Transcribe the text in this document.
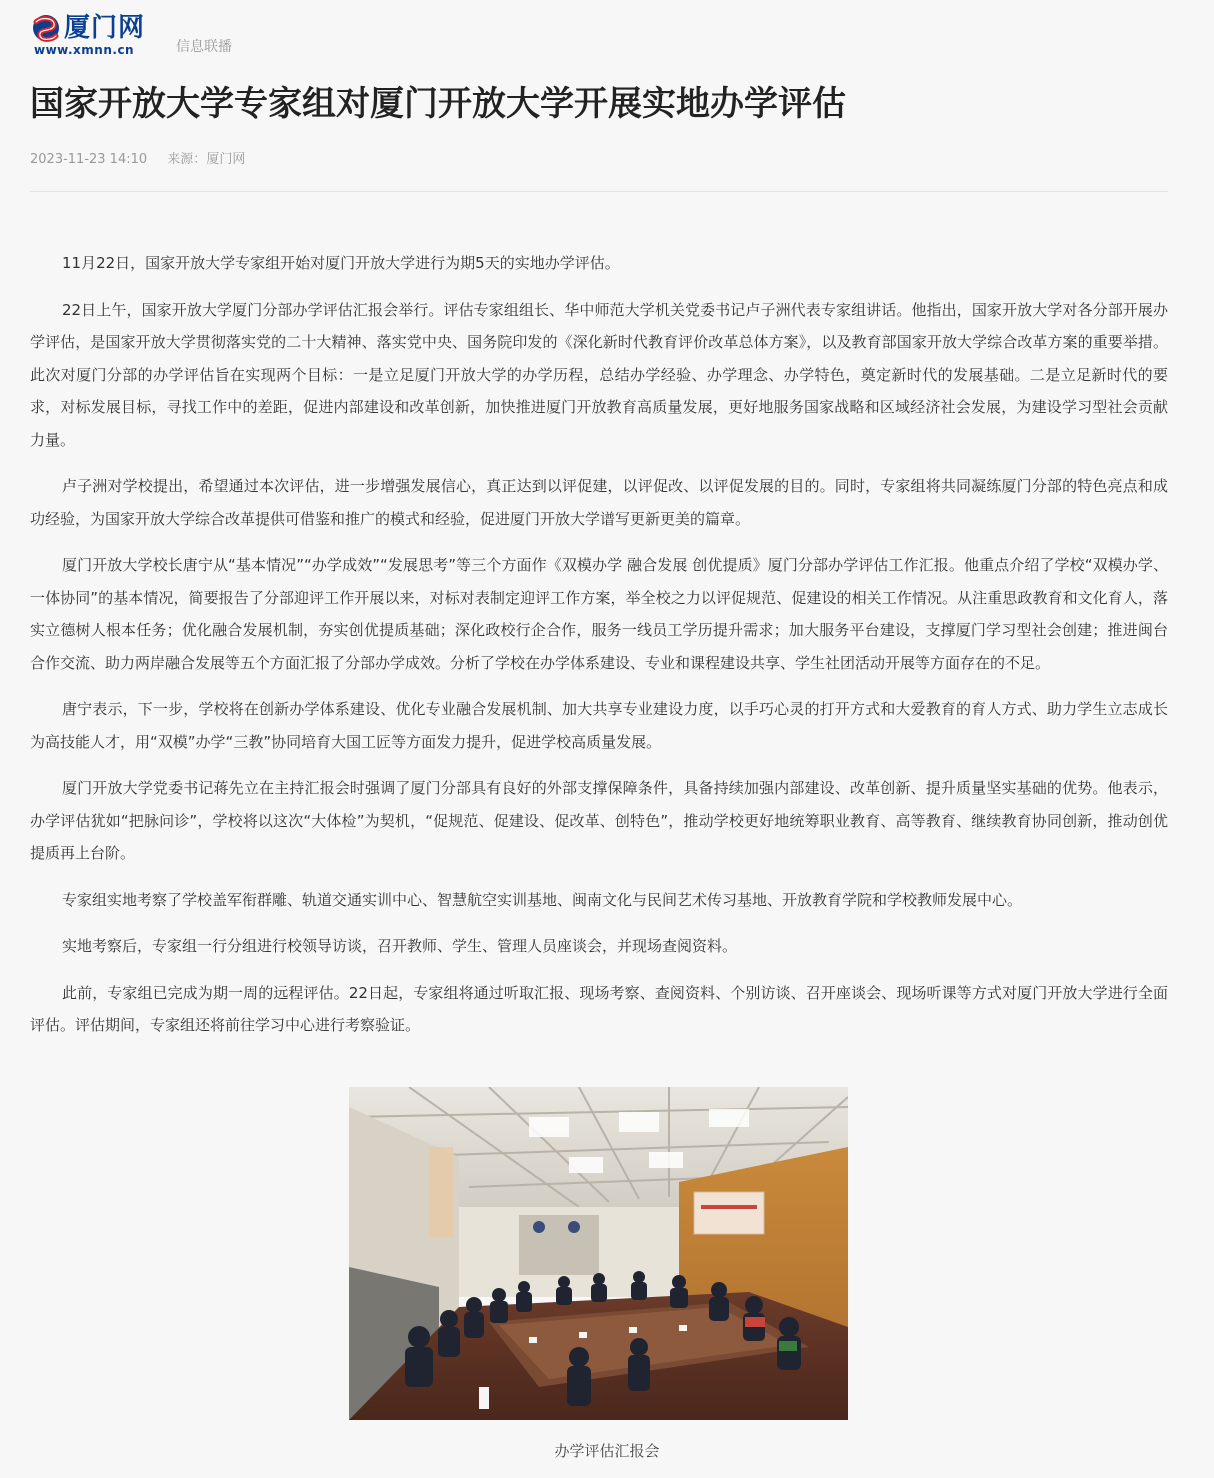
厦门网
www.xmnn.cn	信息联播
国家开放大学专家组对厦门开放大学开展实地办学评估
2023-11-23 14:10 来源：厦门网

11月22日，国家开放大学专家组开始对厦门开放大学进行为期5天的实地办学评估。

22日上午，国家开放大学厦门分部办学评估汇报会举行。评估专家组组长、华中师范大学机关党委书记卢子洲代表专家组讲话。他指出，国家开放大学对各分部开展办学评估，是国家开放大学贯彻落实党的二十大精神、落实党中央、国务院印发的《深化新时代教育评价改革总体方案》，以及教育部国家开放大学综合改革方案的重要举措。此次对厦门分部的办学评估旨在实现两个目标：一是立足厦门开放大学的办学历程，总结办学经验、办学理念、办学特色，奠定新时代的发展基础。二是立足新时代的要求，对标发展目标，寻找工作中的差距，促进内部建设和改革创新，加快推进厦门开放教育高质量发展，更好地服务国家战略和区域经济社会发展，为建设学习型社会贡献力量。

卢子洲对学校提出，希望通过本次评估，进一步增强发展信心，真正达到以评促建，以评促改、以评促发展的目的。同时，专家组将共同凝练厦门分部的特色亮点和成功经验，为国家开放大学综合改革提供可借鉴和推广的模式和经验，促进厦门开放大学谱写更新更美的篇章。

厦门开放大学校长唐宁从“基本情况”“办学成效”“发展思考”等三个方面作《双模办学 融合发展 创优提质》厦门分部办学评估工作汇报。他重点介绍了学校“双模办学、一体协同”的基本情况，简要报告了分部迎评工作开展以来，对标对表制定迎评工作方案，举全校之力以评促规范、促建设的相关工作情况。从注重思政教育和文化育人，落实立德树人根本任务；优化融合发展机制，夯实创优提质基础；深化政校行企合作，服务一线员工学历提升需求；加大服务平台建设，支撑厦门学习型社会创建；推进闽台合作交流、助力两岸融合发展等五个方面汇报了分部办学成效。分析了学校在办学体系建设、专业和课程建设共享、学生社团活动开展等方面存在的不足。

唐宁表示，下一步，学校将在创新办学体系建设、优化专业融合发展机制、加大共享专业建设力度，以手巧心灵的打开方式和大爱教育的育人方式、助力学生立志成长为高技能人才，用“双模”办学“三教”协同培育大国工匠等方面发力提升，促进学校高质量发展。

厦门开放大学党委书记蒋先立在主持汇报会时强调了厦门分部具有良好的外部支撑保障条件，具备持续加强内部建设、改革创新、提升质量坚实基础的优势。他表示，办学评估犹如“把脉问诊”，学校将以这次“大体检”为契机，“促规范、促建设、促改革、创特色”，推动学校更好地统筹职业教育、高等教育、继续教育协同创新，推动创优提质再上台阶。

专家组实地考察了学校盖军衔群雕、轨道交通实训中心、智慧航空实训基地、闽南文化与民间艺术传习基地、开放教育学院和学校教师发展中心。

实地考察后，专家组一行分组进行校领导访谈，召开教师、学生、管理人员座谈会，并现场查阅资料。

此前，专家组已完成为期一周的远程评估。22日起，专家组将通过听取汇报、现场考察、查阅资料、个别访谈、召开座谈会、现场听课等方式对厦门开放大学进行全面评估。评估期间，专家组还将前往学习中心进行考察验证。

办学评估汇报会
